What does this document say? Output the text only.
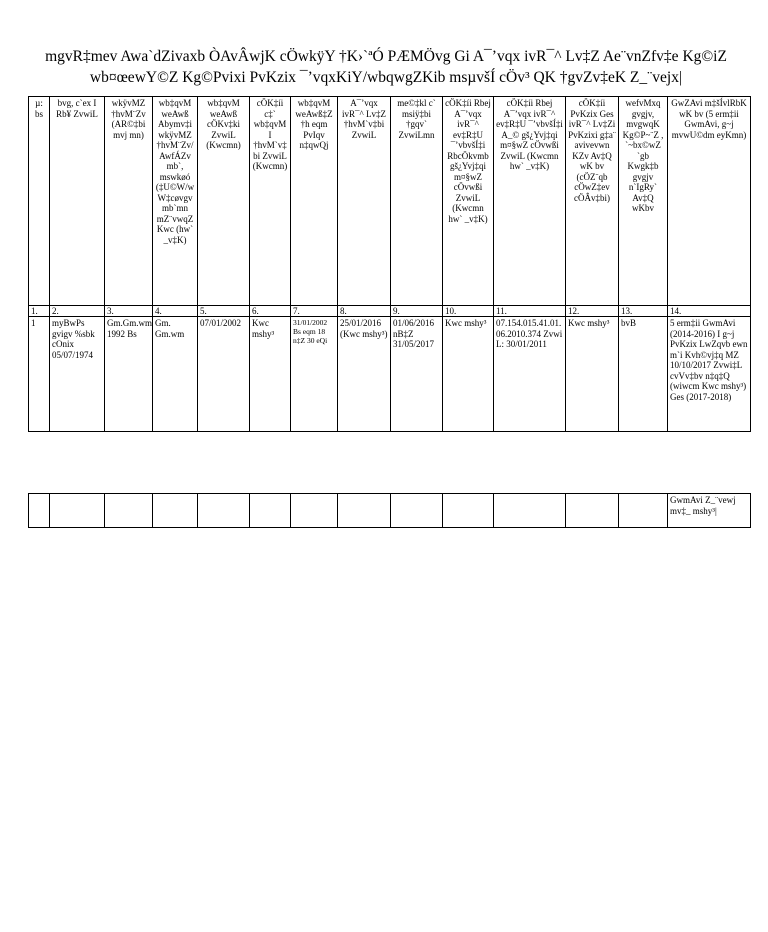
mgvR‡mev Awa`dZivaxb ÒAvÂwjK cÖwkÿY †K›`ªÓ PÆMÖvg Gi A¯’vqx ivR¯^ Lv‡Z Ae¨vnZfv‡e Kg©iZ
wb¤œewY©Z Kg©Pvixi PvKzix ¯’vqxKiY/wbqwgZKib msµvšÍ cÖv³ QK †gvZv‡eK Z_¨vejx|
µ: bs	bvg, c`ex I Rb¥ ZvwiL	wkÿvMZ †hvM¨Zv (AR©‡bi mvj mn)	wb‡qvM weAwß Abymv‡i wkÿvMZ †hvM¨Zv/AwfÁZv mb`, mswkøó (‡U©W/wW‡cøvgv mb`mn mZ¨vwqZ Kwc (hw` _v‡K)	wb‡qvM weAwß cÖKv‡ki ZvwiL (Kwcmn)	cÖK‡íi c‡` wb‡qvM I †hvM`v‡bi ZvwiL (Kwcmn)	wb‡qvM weAwß‡Z †h eqm PvIqv n‡qwQj	A¯’vqx ivR¯^ Lv‡Z †hvM`v‡bi ZvwiL	me©‡kl c` msiÿ‡bi †gqv` ZvwiLmn	cÖK‡íi Rbej A¯’vqx ivR¯^ ev‡R‡U ¯’vbvšÍ‡i RbcÖkvmb gš¿Yvj‡qi m¤§wZ cÖvwßi ZvwiL (Kwcmn hw` _v‡K)	cÖK‡íi Rbej A¯’vqx ivR¯^ ev‡R‡U ¯’vbvšÍ‡i A_© gš¿Yvj‡qi m¤§wZ cÖvwßi ZvwiL (Kwcmn hw` _v‡K)	cÖK‡íi PvKzix Ges ivR¯^ Lv‡Zi PvKzixi g‡a¨ avivevwn KZv Av‡Q wK bv (cÖZ¨qb cÖwZ‡ev cÖÂv‡bi)	wefvMxq gvgjv, mvgwqK Kg©P~¨Z , `~bx©wZ `gb Kwgk‡b gvgjv n`IgRy` Av‡Q wKbv	GwZAvi m‡šÍvlRbK wK bv (5 erm‡ii GwmAvi, g~j mvwU©dm eyKmn)
1.	2.	3.	4.	5.	6.	7.	8.	9.	10.	11.	12.	13.	14.
1	myBwPs gvigv %sbk cOnix 05/07/1974	Gm.Gm.wm 1992 Bs	Gm. Gm.wm	07/01/2002	Kwc mshy³	31/01/2002 Bs eqm 18 n‡Z 30 eQi	25/01/2016 (Kwc mshy³)	01/06/2016 nB‡Z 31/05/2017	Kwc mshy³	07.154.015.41.01.06.2010.374 ZvwiL: 30/01/2011	Kwc mshy³	bvB	5 erm‡ii GwmAvi (2014-2016) I g~j PvKzix LwZqvb ewn m`i Kvh©vj‡q MZ 10/10/2017 Zvwi‡L cvVv‡bv n‡q‡Q (wiwcm Kwc mshy³) Ges (2017-2018)
													GwmAvi Z_¨vewj mv‡_ mshy³|
